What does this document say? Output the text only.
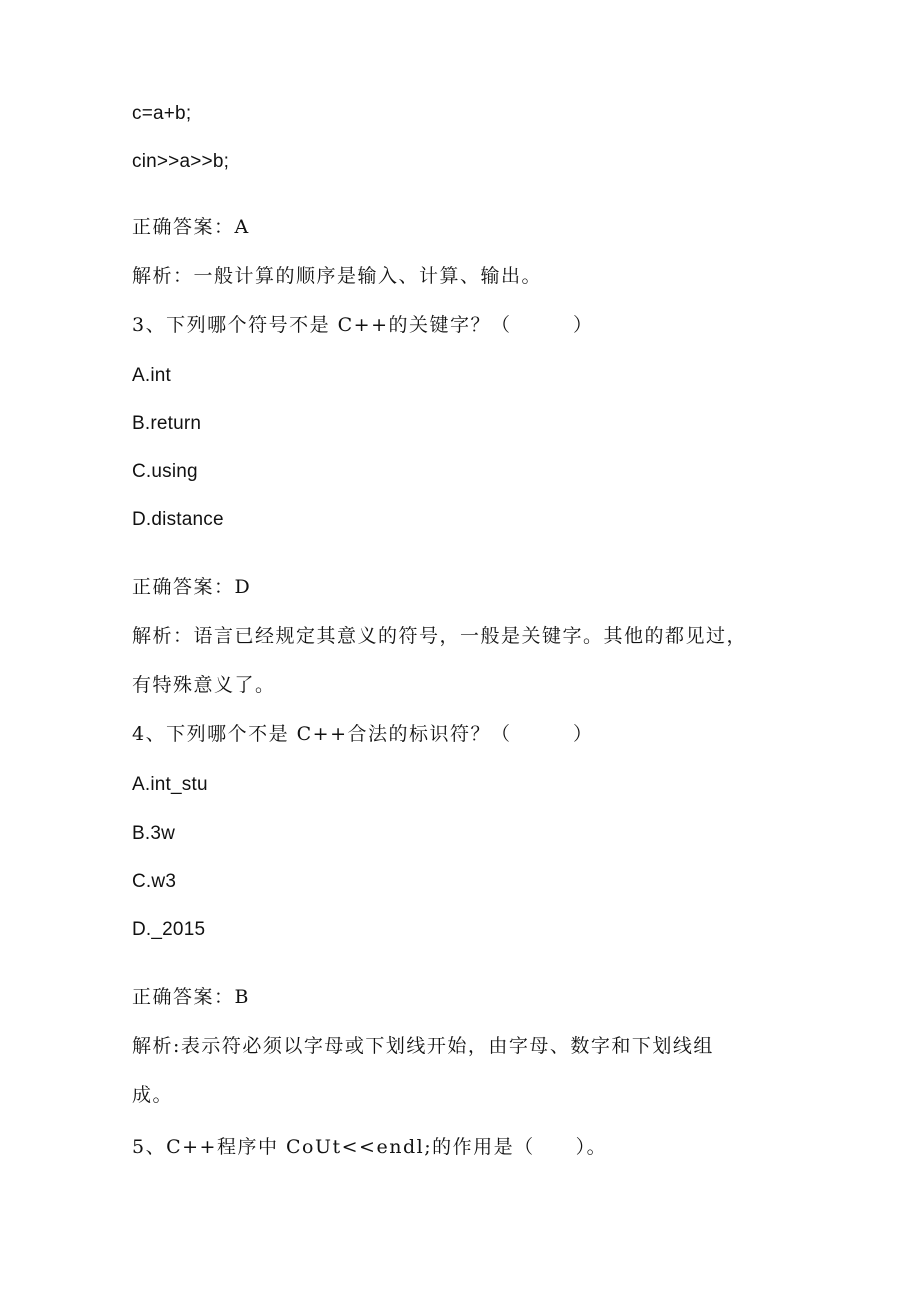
c=a+b;
cin>>a>>b;
正确答案：A
解析：一般计算的顺序是输入、计算、输出。
3、下列哪个符号不是 C++的关键字？（　　　）
A.int
B.return
C.using
D.distance
正确答案：D
解析：语言已经规定其意义的符号，一般是关键字。其他的都见过，
有特殊意义了。
4、下列哪个不是 C++合法的标识符？（　　　）
A.int_stu
B.3w
C.w3
D._2015
正确答案：B
解析:表示符必须以字母或下划线开始，由字母、数字和下划线组
成。
5、C++程序中 CoUt<<endl;的作用是（　　）。
